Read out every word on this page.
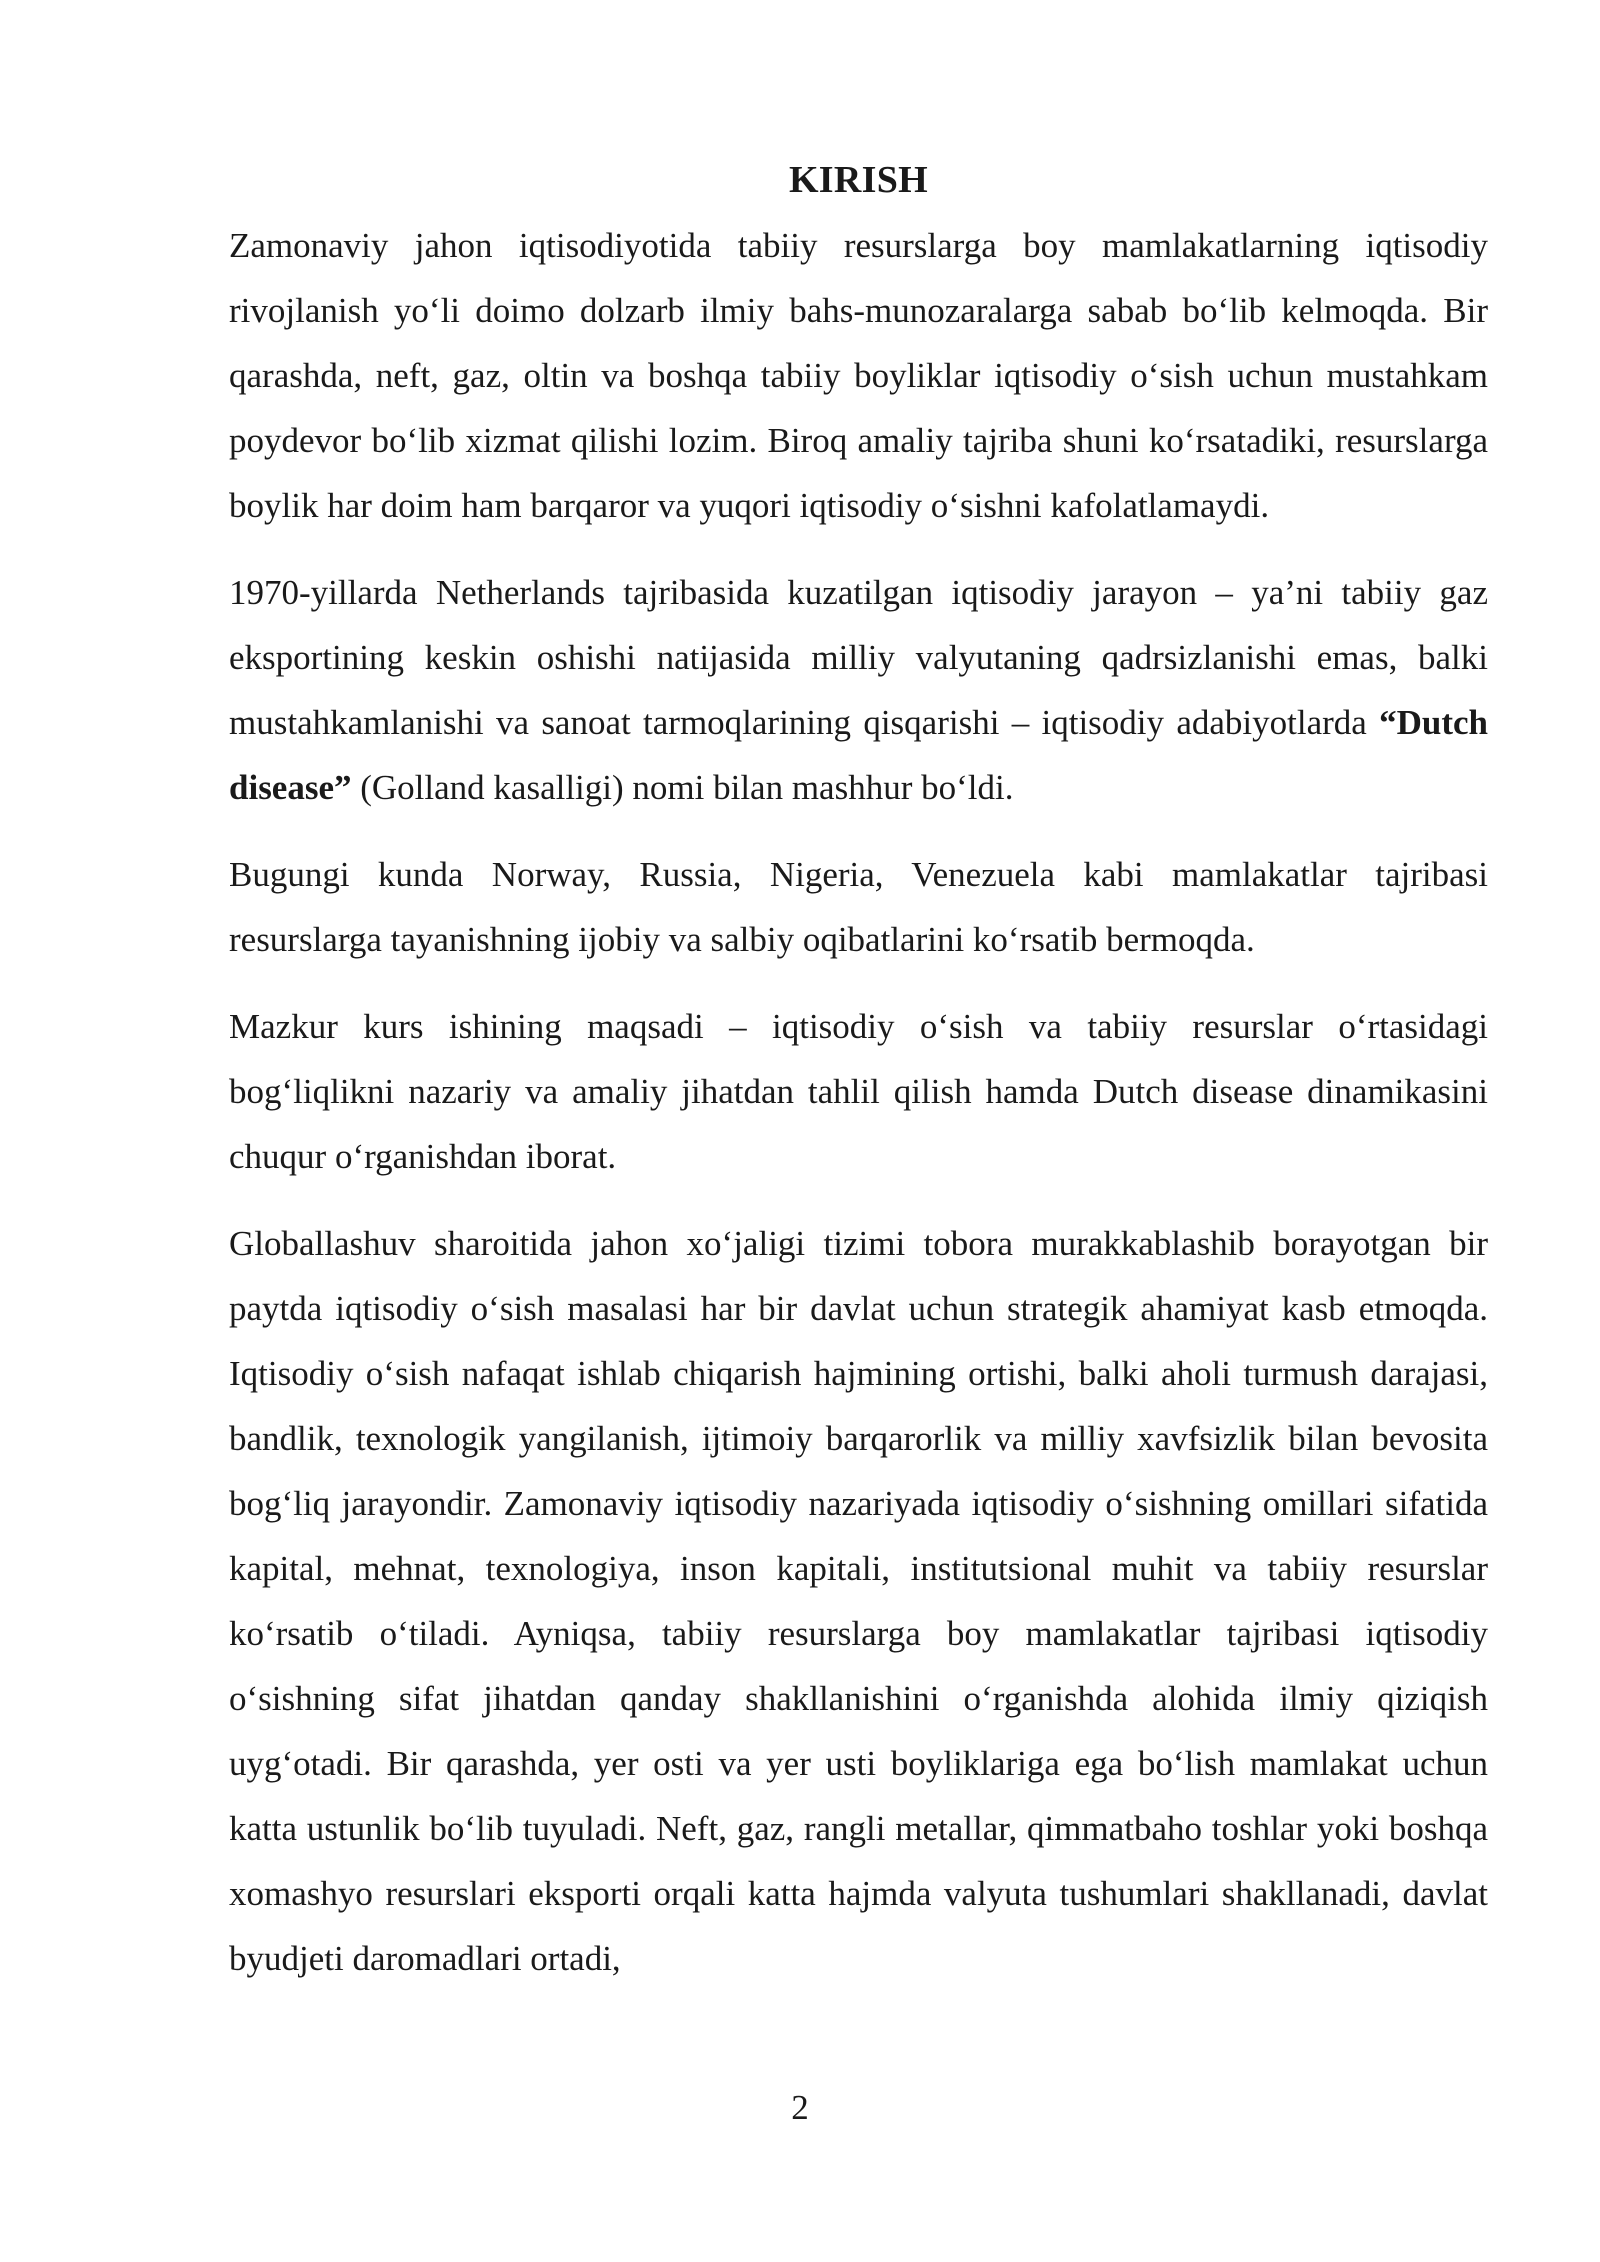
KIRISH

Zamonaviy jahon iqtisodiyotida tabiiy resurslarga boy mamlakatlarning iqtisodiy rivojlanish yo‘li doimo dolzarb ilmiy bahs-munozaralarga sabab bo‘lib kelmoqda. Bir qarashda, neft, gaz, oltin va boshqa tabiiy boyliklar iqtisodiy o‘sish uchun mustahkam poydevor bo‘lib xizmat qilishi lozim. Biroq amaliy tajriba shuni ko‘rsatadiki, resurslarga boylik har doim ham barqaror va yuqori iqtisodiy o‘sishni kafolatlamaydi.

1970-yillarda Netherlands tajribasida kuzatilgan iqtisodiy jarayon – ya’ni tabiiy gaz eksportining keskin oshishi natijasida milliy valyutaning qadrsizlanishi emas, balki mustahkamlanishi va sanoat tarmoqlarining qisqarishi – iqtisodiy adabiyotlarda “Dutch disease” (Golland kasalligi) nomi bilan mashhur bo‘ldi.

Bugungi kunda Norway, Russia, Nigeria, Venezuela kabi mamlakatlar tajribasi resurslarga tayanishning ijobiy va salbiy oqibatlarini ko‘rsatib bermoqda.

Mazkur kurs ishining maqsadi – iqtisodiy o‘sish va tabiiy resurslar o‘rtasidagi bog‘liqlikni nazariy va amaliy jihatdan tahlil qilish hamda Dutch disease dinamikasini chuqur o‘rganishdan iborat.

Globallashuv sharoitida jahon xo‘jaligi tizimi tobora murakkablashib borayotgan bir paytda iqtisodiy o‘sish masalasi har bir davlat uchun strategik ahamiyat kasb etmoqda. Iqtisodiy o‘sish nafaqat ishlab chiqarish hajmining ortishi, balki aholi turmush darajasi, bandlik, texnologik yangilanish, ijtimoiy barqarorlik va milliy xavfsizlik bilan bevosita bog‘liq jarayondir. Zamonaviy iqtisodiy nazariyada iqtisodiy o‘sishning omillari sifatida kapital, mehnat, texnologiya, inson kapitali, institutsional muhit va tabiiy resurslar ko‘rsatib o‘tiladi. Ayniqsa, tabiiy resurslarga boy mamlakatlar tajribasi iqtisodiy o‘sishning sifat jihatdan qanday shakllanishini o‘rganishda alohida ilmiy qiziqish uyg‘otadi. Bir qarashda, yer osti va yer usti boyliklariga ega bo‘lish mamlakat uchun katta ustunlik bo‘lib tuyuladi. Neft, gaz, rangli metallar, qimmatbaho toshlar yoki boshqa xomashyo resurslari eksporti orqali katta hajmda valyuta tushumlari shakllanadi, davlat byudjeti daromadlari ortadi,

2
